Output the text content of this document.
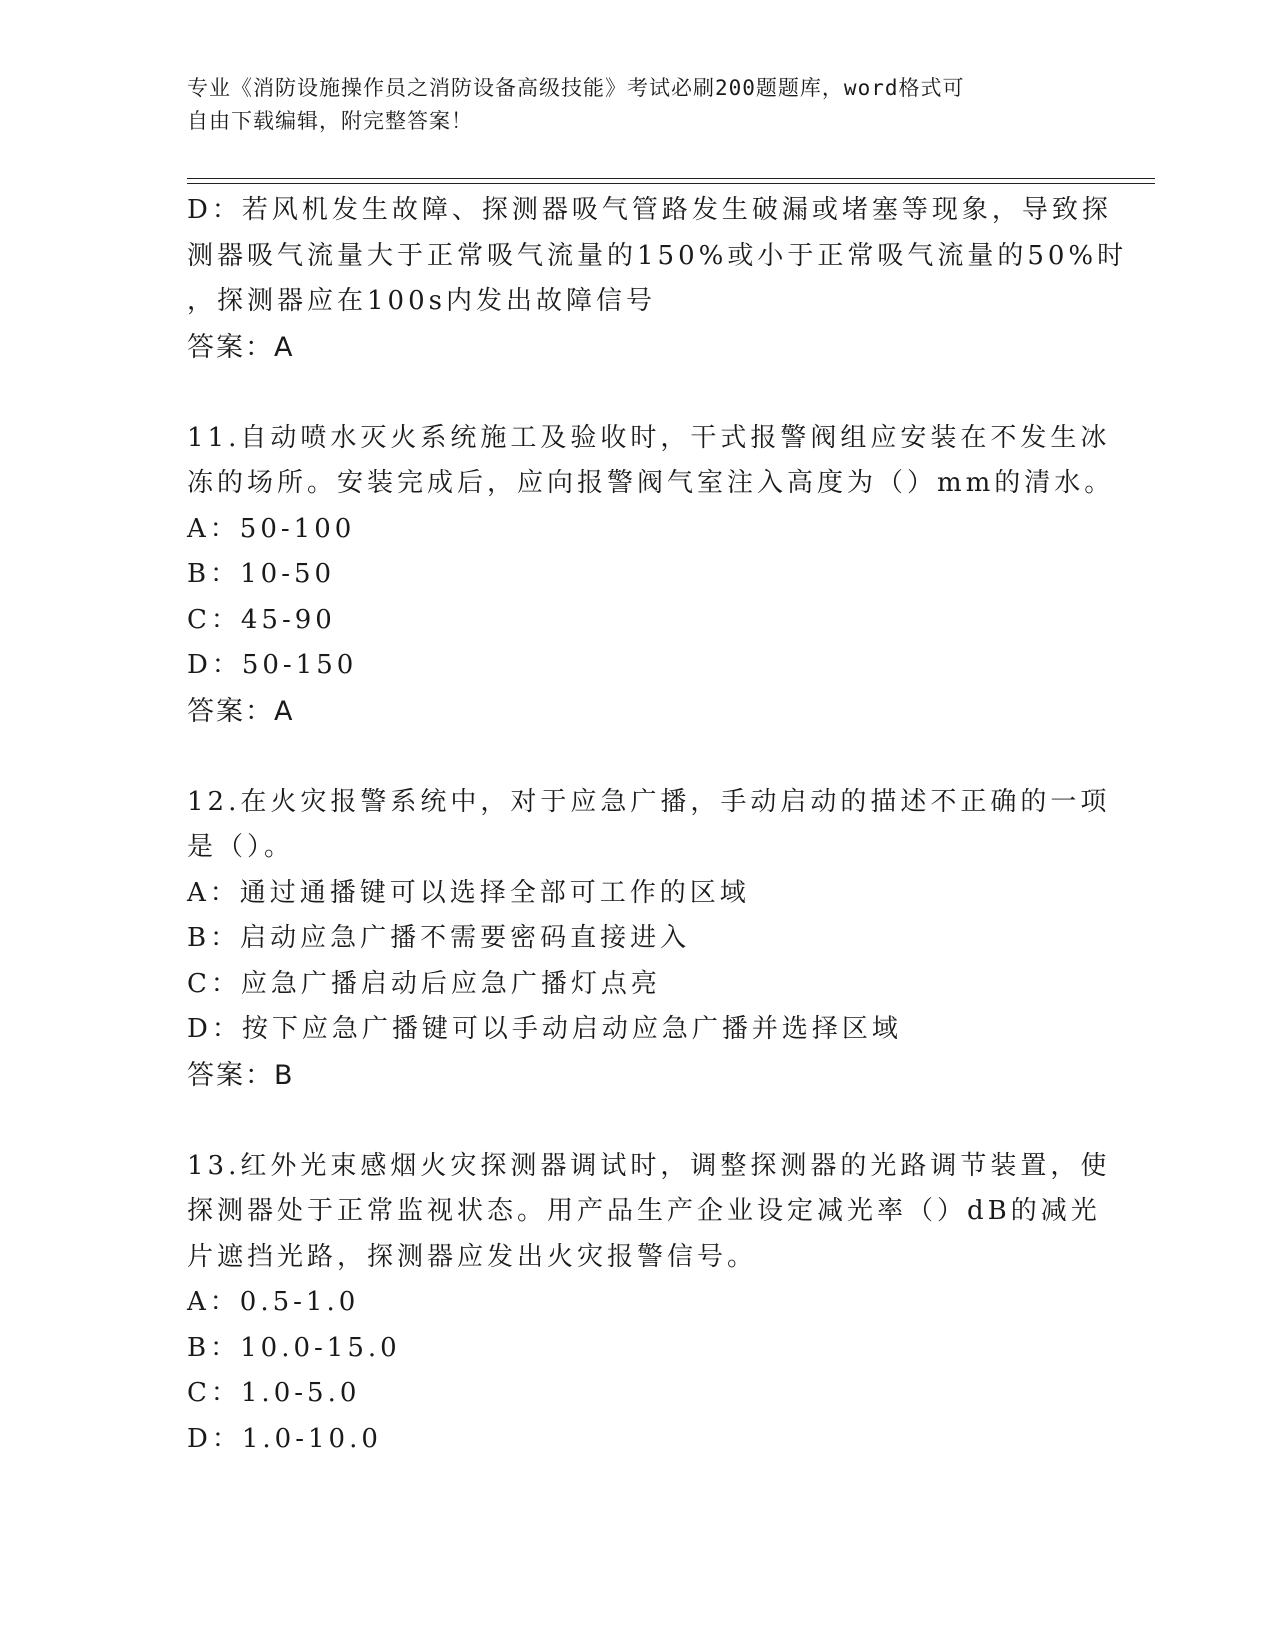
专业《消防设施操作员之消防设备高级技能》考试必刷200题题库，word格式可
自由下载编辑，附完整答案！
D：若风机发生故障、探测器吸气管路发生破漏或堵塞等现象，导致探
测器吸气流量大于正常吸气流量的150%或小于正常吸气流量的50%时
，探测器应在100s内发出故障信号
答案：A
11.自动喷水灭火系统施工及验收时，干式报警阀组应安装在不发生冰
冻的场所。安装完成后，应向报警阀气室注入高度为（）mm的清水。
A：50-100
B：10-50
C：45-90
D：50-150
答案：A
12.在火灾报警系统中，对于应急广播，手动启动的描述不正确的一项
是（）。
A：通过通播键可以选择全部可工作的区域
B：启动应急广播不需要密码直接进入
C：应急广播启动后应急广播灯点亮
D：按下应急广播键可以手动启动应急广播并选择区域
答案：B
13.红外光束感烟火灾探测器调试时，调整探测器的光路调节装置，使
探测器处于正常监视状态。用产品生产企业设定减光率（）dB的减光
片遮挡光路，探测器应发出火灾报警信号。
A：0.5-1.0
B：10.0-15.0
C：1.0-5.0
D：1.0-10.0
